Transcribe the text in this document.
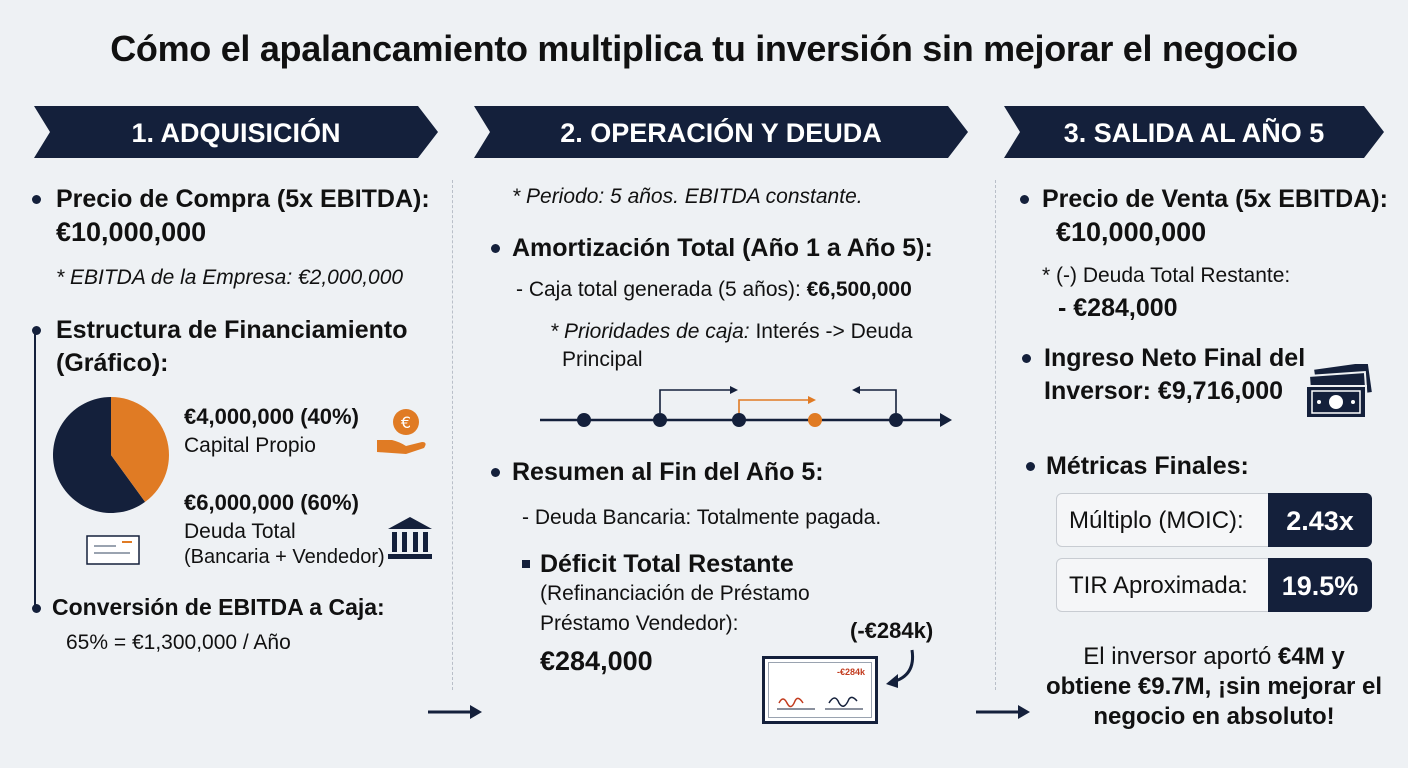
Cómo el apalancamiento multiplica tu inversión sin mejorar el negocio
1. ADQUISICIÓN	2. OPERACIÓN Y DEUDA	3. SALIDA AL AÑO 5
Precio de Compra (5x EBITDA):
€10,000,000
* EBITDA de la Empresa: €2,000,000
Estructura de Financiamiento
(Gráfico):
€4,000,000 (40%)
Capital Propio
€
€6,000,000 (60%)
Deuda Total
(Bancaria + Vendedor)
Conversión de EBITDA a Caja:
65% = €1,300,000 / Año
* Periodo: 5 años. EBITDA constante.
Amortización Total (Año 1 a Año 5):
- Caja total generada (5 años): €6,500,000
* Prioridades de caja: Interés -> Deuda
Principal
Resumen al Fin del Año 5:
- Deuda Bancaria: Totalmente pagada.
Déficit Total Restante
(Refinanciación de Préstamo
Préstamo Vendedor):
€284,000
(-€284k)
-€284k
Precio de Venta (5x EBITDA):
€10,000,000
* (-) Deuda Total Restante:
- €284,000
Ingreso Neto Final del
Inversor: €9,716,000
Métricas Finales:
Múltiplo (MOIC):	2.43x
TIR Aproximada:	19.5%
El inversor aportó €4M y obtiene €9.7M, ¡sin mejorar el negocio en absoluto!
